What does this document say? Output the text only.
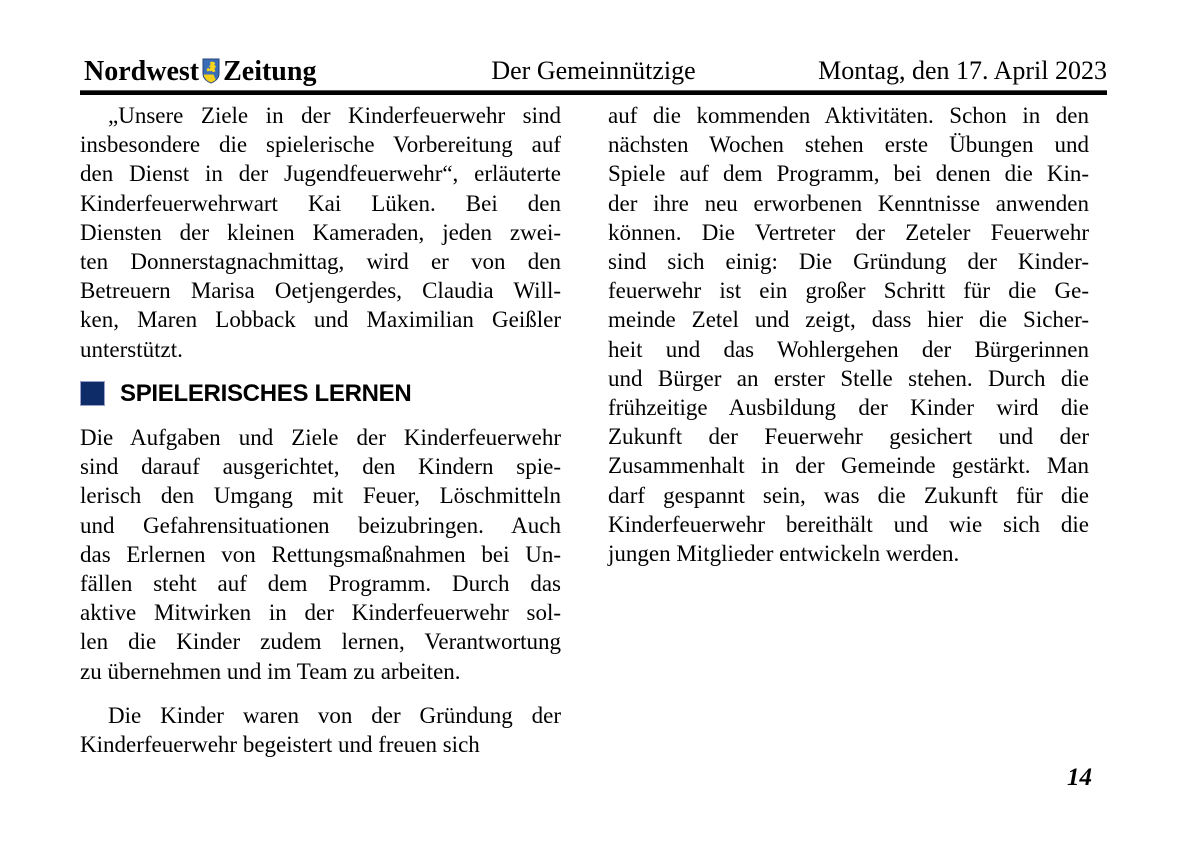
Nordwest Zeitung	Der Gemeinnützige	Montag, den 17. April 2023
„Unsere Ziele in der Kinderfeuerwehr sind
insbesondere die spielerische Vorbereitung auf
den Dienst in der Jugendfeuerwehr“, erläuterte
Kinderfeuerwehrwart Kai Lüken. Bei den
Diensten der kleinen Kameraden, jeden zwei-
ten Donnerstagnachmittag, wird er von den
Betreuern Marisa Oetjengerdes, Claudia Will-
ken, Maren Lobback und Maximilian Geißler
unterstützt.
SPIELERISCHES LERNEN
Die Aufgaben und Ziele der Kinderfeuerwehr
sind darauf ausgerichtet, den Kindern spie-
lerisch den Umgang mit Feuer, Löschmitteln
und Gefahrensituationen beizubringen. Auch
das Erlernen von Rettungsmaßnahmen bei Un-
fällen steht auf dem Programm. Durch das
aktive Mitwirken in der Kinderfeuerwehr sol-
len die Kinder zudem lernen, Verantwortung
zu übernehmen und im Team zu arbeiten.
Die Kinder waren von der Gründung der
Kinderfeuerwehr begeistert und freuen sich
auf die kommenden Aktivitäten. Schon in den
nächsten Wochen stehen erste Übungen und
Spiele auf dem Programm, bei denen die Kin-
der ihre neu erworbenen Kenntnisse anwenden
können. Die Vertreter der Zeteler Feuerwehr
sind sich einig: Die Gründung der Kinder-
feuerwehr ist ein großer Schritt für die Ge-
meinde Zetel und zeigt, dass hier die Sicher-
heit und das Wohlergehen der Bürgerinnen
und Bürger an erster Stelle stehen. Durch die
frühzeitige Ausbildung der Kinder wird die
Zukunft der Feuerwehr gesichert und der
Zusammenhalt in der Gemeinde gestärkt. Man
darf gespannt sein, was die Zukunft für die
Kinderfeuerwehr bereithält und wie sich die
jungen Mitglieder entwickeln werden.
14
